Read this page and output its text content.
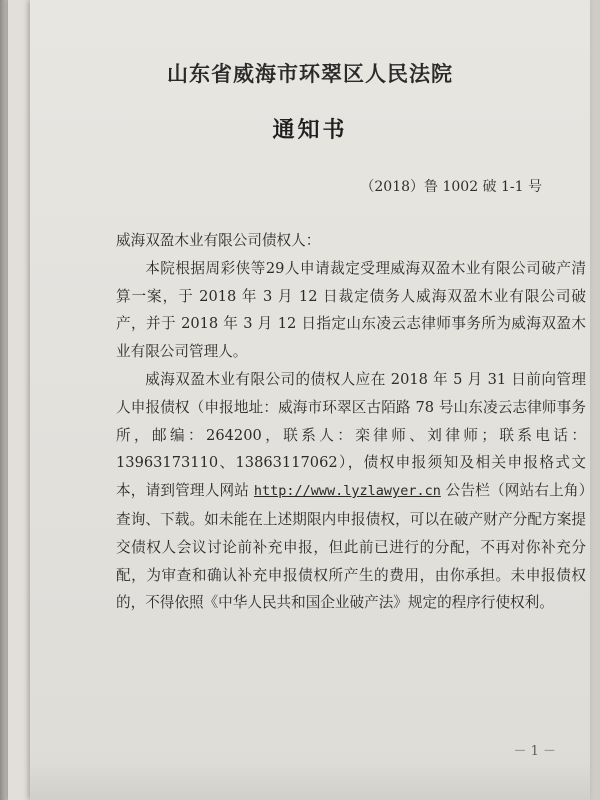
山东省威海市环翠区人民法院
通知书
（2018）鲁 1002 破 1-1 号

威海双盈木业有限公司债权人：

本院根据周彩侠等29人申请裁定受理威海双盈木业有限公司破产清算一案，于 2018 年 3 月 12 日裁定债务人威海双盈木业有限公司破产，并于 2018 年 3 月 12 日指定山东凌云志律师事务所为威海双盈木业有限公司管理人。

威海双盈木业有限公司的债权人应在 2018 年 5 月 31 日前向管理人申报债权（申报地址：威海市环翠区古陌路 78 号山东凌云志律师事务所，邮编：264200，联系人：栾律师、刘律师；联系电话：13963173110、13863117062），债权申报须知及相关申报格式文本，请到管理人网站 http://www.lyzlawyer.cn 公告栏（网站右上角）查询、下载。如未能在上述期限内申报债权，可以在破产财产分配方案提交债权人会议讨论前补充申报，但此前已进行的分配，不再对你补充分配，为审查和确认补充申报债权所产生的费用，由你承担。未申报债权的，不得依照《中华人民共和国企业破产法》规定的程序行使权利。

－ 1 －
